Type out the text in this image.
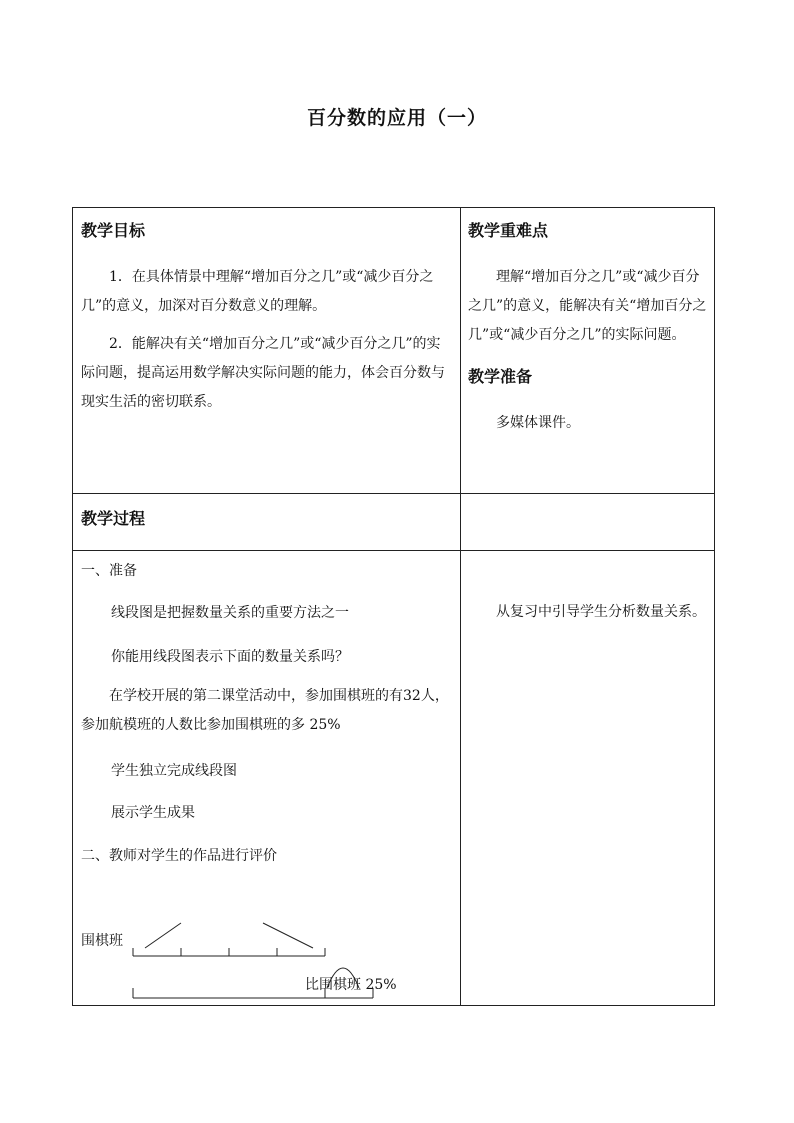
百分数的应用（一）
教学目标

1．在具体情景中理解“增加百分之几”或“减少百分之几”的意义，加深对百分数意义的理解。

2．能解决有关“增加百分之几”或“减少百分之几”的实际问题，提高运用数学解决实际问题的能力，体会百分数与现实生活的密切联系。

教学重难点

理解“增加百分之几”或“减少百分之几”的意义，能解决有关“增加百分之几”或“减少百分之几”的实际问题。

教学准备

多媒体课件。

教学过程
一、准备
线段图是把握数量关系的重要方法之一
你能用线段图表示下面的数量关系吗？

在学校开展的第二课堂活动中，参加围棋班的有32人，参加航模班的人数比参加围棋班的多 25%

学生独立完成线段图
展示学生成果
二、教师对学生的作品进行评价

从复习中引导学生分析数量关系。

围棋班
比围棋班 25%
